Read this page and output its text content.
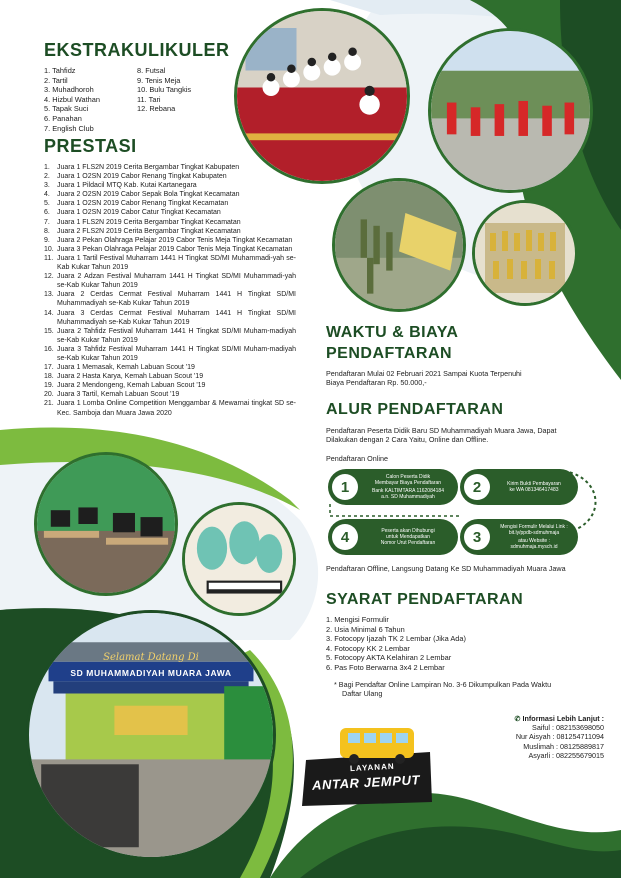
EKSTRAKULIKULER
1. Tahfidz
2. Tartil
3. Muhadhoroh
4. Hizbul Wathan
5. Tapak Suci
6. Panahan
7. English Club
8. Futsal
9. Tenis Meja
10. Bulu Tangkis
11. Tari
12. Rebana
PRESTASI
1.	Juara 1 FLS2N 2019 Cerita Bergambar Tingkat Kabupaten
2.	Juara 1 O2SN 2019 Cabor Renang Tingkat Kabupaten
3.	Juara 1 Pildacil MTQ Kab. Kutai Kartanegara
4.	Juara 2 O2SN 2019 Cabor Sepak Bola Tingkat Kecamatan
5.	Juara 1 O2SN 2019 Cabor Renang Tingkat Kecamatan
6.	Juara 1 O2SN 2019 Cabor Catur Tingkat Kecamatan
7.	Juara 1 FLS2N 2019 Cerita Bergambar Tingkat Kecamatan
8.	Juara 2 FLS2N 2019 Cerita Bergambar Tingkat Kecamatan
9.	Juara 2 Pekan Olahraga Pelajar 2019 Cabor Tenis Meja Tingkat Kecamatan
10. Juara 3 Pekan Olahraga Pelajar 2019 Cabor Tenis Meja Tingkat Kecamatan
11. Juara 1 Tartil Festival Muharram 1441 H Tingkat SD/MI Muhammadi-yah se-Kab Kukar Tahun 2019
12. Juara 2 Adzan Festival Muharram 1441 H Tingkat SD/MI Muhammadi-yah se-Kab Kukar Tahun 2019
13. Juara 2 Cerdas Cermat Festival Muharram 1441 H Tingkat SD/MI Muhammadiyah se-Kab Kukar Tahun 2019
14. Juara 3 Cerdas Cermat Festival Muharram 1441 H Tingkat SD/MI Muhammadiyah se-Kab Kukar Tahun 2019
15. Juara 2 Tahfidz Festival Muharram 1441 H Tingkat SD/MI Muham-madiyah se-Kab Kukar Tahun 2019
16. Juara 3 Tahfidz Festival Muharram 1441 H Tingkat SD/MI Muham-madiyah se-Kab Kukar Tahun 2019
17. Juara 1 Memasak, Kemah Labuan Scout '19
18. Juara 2 Hasta Karya, Kemah Labuan Scout '19
19. Juara 2 Mendongeng, Kemah Labuan Scout '19
20. Juara 3 Tartil, Kemah Labuan Scout '19
21. Juara 1 Lomba Online Competition Menggambar & Mewarnai tingkat SD se-Kec. Samboja dan Muara Jawa 2020
Selamat Datang Di
SD MUHAMMADIYAH MUARA JAWA
WAKTU & BIAYA
PENDAFTARAN
Pendaftaran Mulai 02 Februari 2021 Sampai Kuota Terpenuhi
Biaya Pendaftaran Rp. 50.000,-
ALUR PENDAFTARAN
Pendaftaran Peserta Didik Baru SD Muhammadiyah Muara Jawa, Dapat
Dilakukan dengan 2 Cara Yaitu, Online dan Offline.
Pendaftaran Online
1
Calon Peserta Didik
Membayar Biaya Pendaftaran
Bank KALTIMTARA 1162084184
a.n. SD Muhammadiyah
2	Kirim Bukti Pembayaran
ke WA 081346417483
3
Mengisi Formulir Melalui Link :
bit.ly/ppdb-sdmuhmaja
atau Website :
sdmuhmaja.mysch.id
4	Peserta akan Dihubungi
untuk Mendapatkan
Nomor Urut Pendaftaran
Pendaftaran Offline, Langsung Datang Ke SD Muhammadiyah Muara Jawa
SYARAT PENDAFTARAN
1. Mengisi Formulir
2. Usia Minimal 6 Tahun
3. Fotocopy Ijazah TK 2 Lembar (Jika Ada)
4. Fotocopy KK 2 Lembar
5. Fotocopy AKTA Kelahiran 2 Lembar
6. Pas Foto Berwarna 3x4 2 Lembar
* Bagi Pendaftar Online Lampiran No. 3-6 Dikumpulkan Pada Waktu
Daftar Ulang
✆ Informasi Lebih Lanjut :
Saiful : 082153698050
Nur Aisyah : 081254711094
Muslimah : 08125889817
Asyarli : 082255679015
LAYANAN
ANTAR JEMPUT
